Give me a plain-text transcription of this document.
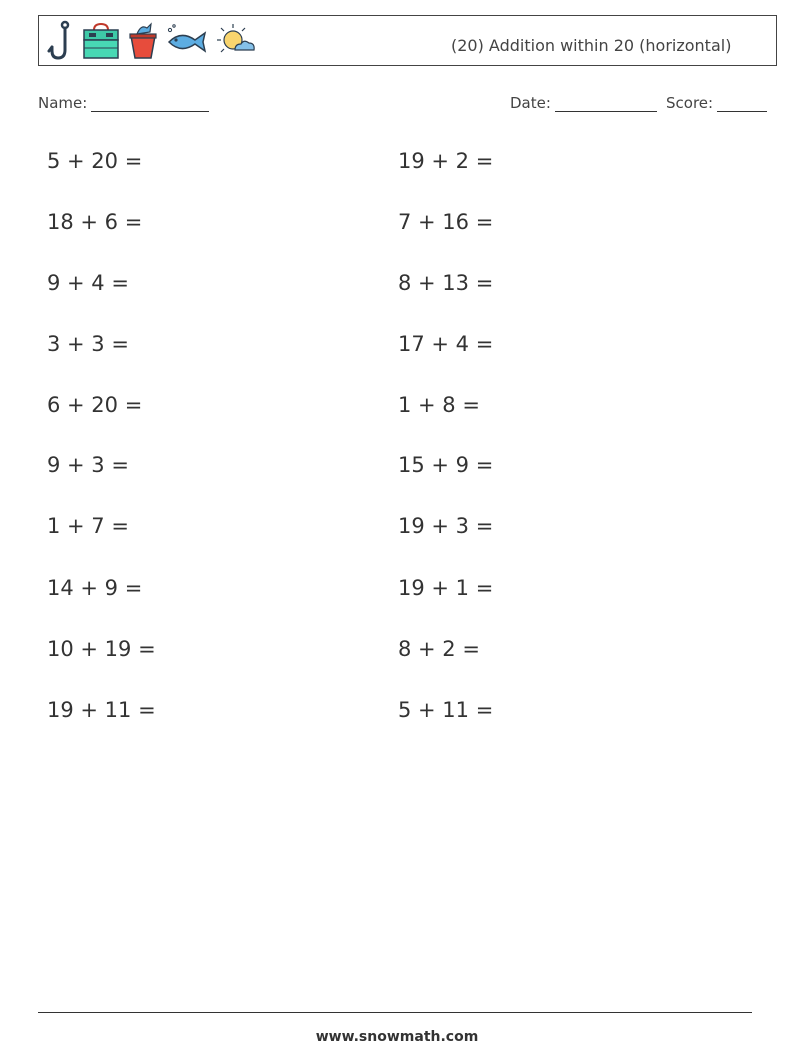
(20) Addition within 20 (horizontal)
Name:	Date:	Score:
5 + 20 =
18 + 6 =
9 + 4 =
3 + 3 =
6 + 20 =
9 + 3 =
1 + 7 =
14 + 9 =
10 + 19 =
19 + 11 =
19 + 2 =
7 + 16 =
8 + 13 =
17 + 4 =
1 + 8 =
15 + 9 =
19 + 3 =
19 + 1 =
8 + 2 =
5 + 11 =
www.snowmath.com
